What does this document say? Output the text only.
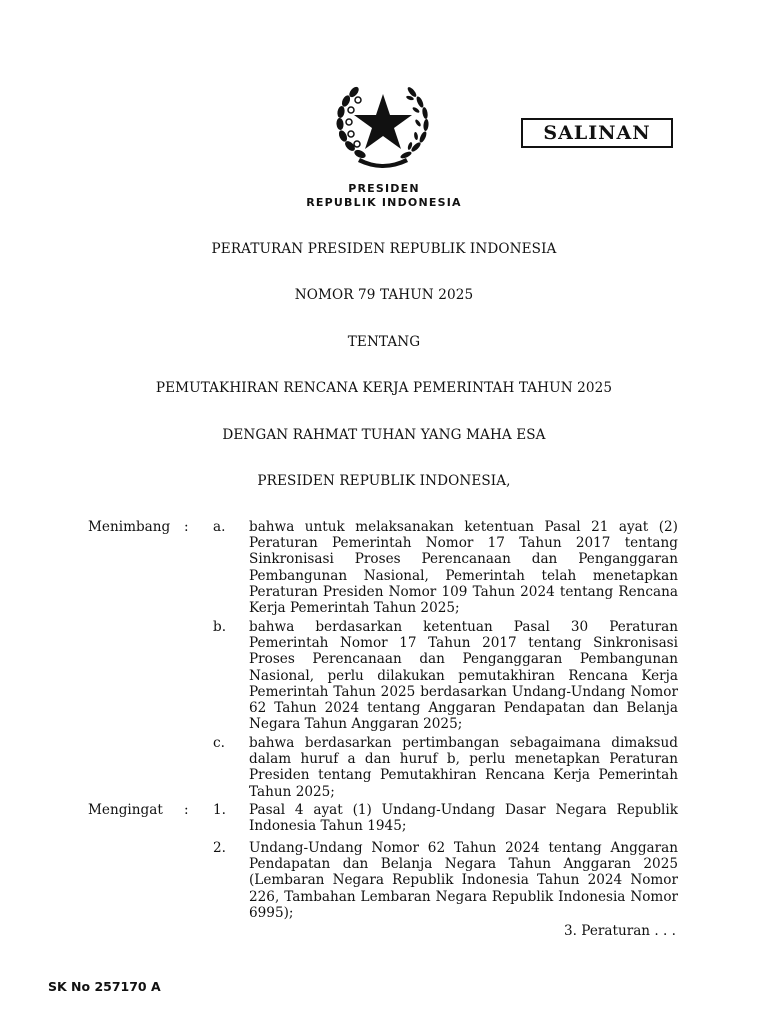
SALINAN
PRESIDEN
REPUBLIK INDONESIA
PERATURAN PRESIDEN REPUBLIK INDONESIA
NOMOR 79 TAHUN 2025
TENTANG
PEMUTAKHIRAN RENCANA KERJA PEMERINTAH TAHUN 2025
DENGAN RAHMAT TUHAN YANG MAHA ESA
PRESIDEN REPUBLIK INDONESIA,
Menimbang : a. bahwa untuk melaksanakan ketentuan Pasal 21 ayat (2) Peraturan Pemerintah Nomor 17 Tahun 2017 tentang Sinkronisasi Proses Perencanaan dan Penganggaran Pembangunan Nasional, Pemerintah telah menetapkan Peraturan Presiden Nomor 109 Tahun 2024 tentang Rencana Kerja Pemerintah Tahun 2025;
b. bahwa berdasarkan ketentuan Pasal 30 Peraturan Pemerintah Nomor 17 Tahun 2017 tentang Sinkronisasi Proses Perencanaan dan Penganggaran Pembangunan Nasional, perlu dilakukan pemutakhiran Rencana Kerja Pemerintah Tahun 2025 berdasarkan Undang-Undang Nomor 62 Tahun 2024 tentang Anggaran Pendapatan dan Belanja Negara Tahun Anggaran 2025;
c. bahwa berdasarkan pertimbangan sebagaimana dimaksud dalam huruf a dan huruf b, perlu menetapkan Peraturan Presiden tentang Pemutakhiran Rencana Kerja Pemerintah Tahun 2025;
Mengingat : 1. Pasal 4 ayat (1) Undang-Undang Dasar Negara Republik Indonesia Tahun 1945;
2. Undang-Undang Nomor 62 Tahun 2024 tentang Anggaran Pendapatan dan Belanja Negara Tahun Anggaran 2025 (Lembaran Negara Republik Indonesia Tahun 2024 Nomor 226, Tambahan Lembaran Negara Republik Indonesia Nomor 6995);
3. Peraturan . . .
SK No 257170 A
